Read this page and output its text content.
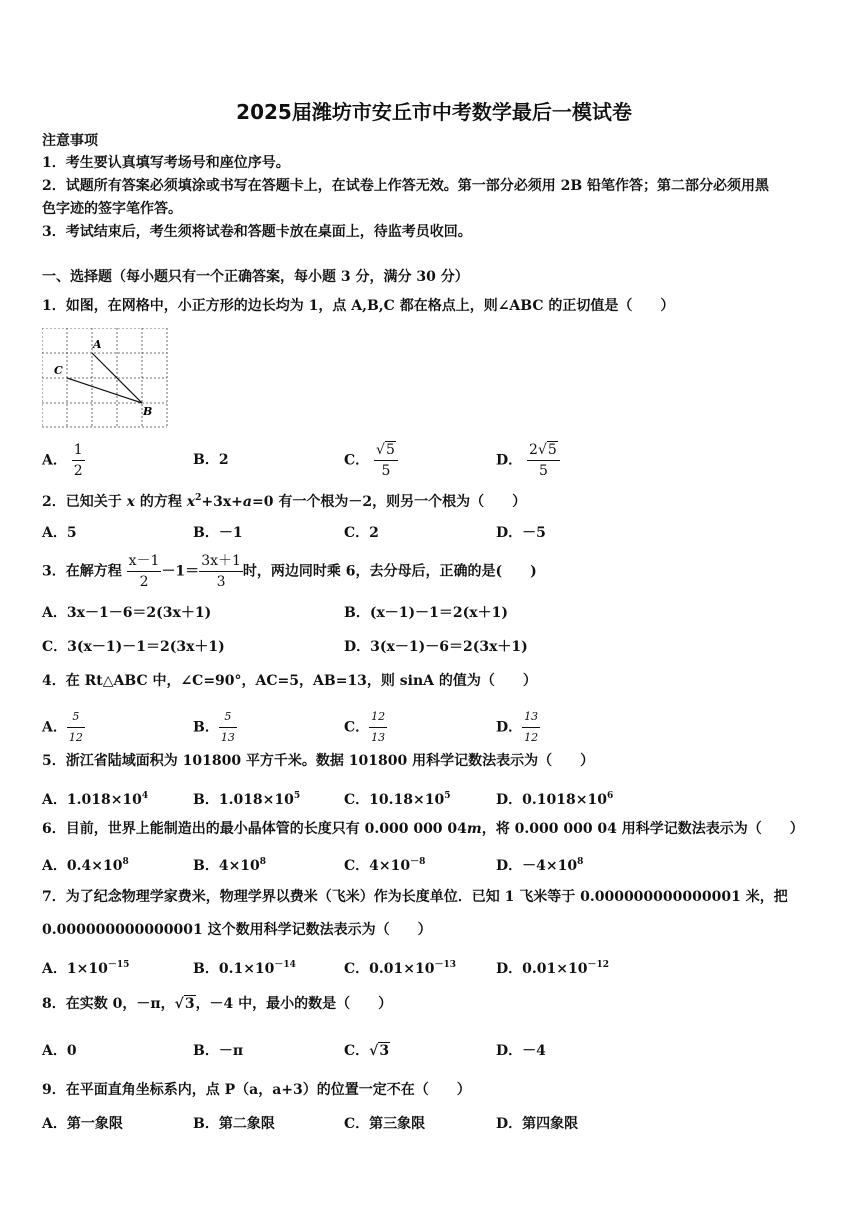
2025届潍坊市安丘市中考数学最后一模试卷
注意事项
1．考生要认真填写考场号和座位序号。
2．试题所有答案必须填涂或书写在答题卡上，在试卷上作答无效。第一部分必须用 2B 铅笔作答；第二部分必须用黑
色字迹的签字笔作答。
3．考试结束后，考生须将试卷和答题卡放在桌面上，待监考员收回。
一、选择题（每小题只有一个正确答案，每小题 3 分，满分 30 分）
1．如图，在网格中，小正方形的边长均为 1，点 A,B,C 都在格点上，则∠ABC 的正切值是（　　）
A
C
B
A． $\frac{1}{2}$	B．2	C． $\frac{√5}{5}$	D． $\frac{2√5}{5}$
2．已知关于 x 的方程 $x^2+3x+a=0$ 有一个根为－2，则另一个根为（　　）
A．5	B．－1	C．2	D．－5
3．在解方程 $\frac{x-1}{2} -1= \frac{3x+1}{3}$ 时，两边同时乘 6，去分母后，正确的是(　　)
A．3x－1－6＝2(3x＋1)	B．(x－1)－1＝2(x＋1)
C．3(x－1)－1＝2(3x＋1)	D．3(x－1)－6＝2(3x＋1)
4．在 Rt△ABC 中，∠C=90°，AC=5，AB=13，则 sinA 的值为（　　）
A． $\frac{5}{12}$	B． $\frac{5}{13}$	C． $\frac{12}{13}$	D． $\frac{13}{12}$
5．浙江省陆域面积为 101800 平方千米。数据 101800 用科学记数法表示为（　　）
A．$1.018\times 10^4$	B．$1.018\times 10^5$	C．$10.18\times 10^5$	D．$0.1018\times 10^6$
6．目前，世界上能制造出的最小晶体管的长度只有 0.000 000 04m，将 0.000 000 04 用科学记数法表示为（　　）
A．$0.4\times 10^8$	B．$4\times 10^8$	C．$4\times 10^{-8}$	D．$-4\times 10^8$
7．为了纪念物理学家费米，物理学界以费米（飞米）作为长度单位．已知 1 飞米等于 0.000000000000001 米，把
0.000000000000001 这个数用科学记数法表示为（　　）
A．$1\times 10^{-15}$	B．$0.1\times 10^{-14}$	C．$0.01\times 10^{-13}$	D．$0.01\times 10^{-12}$
8．在实数 0，－π，√3，－4 中，最小的数是（　　）
A．0	B．－π	C．√3	D．－4
9．在平面直角坐标系内，点 P（a，a+3）的位置一定不在（　　）
A．第一象限	B．第二象限	C．第三象限	D．第四象限
